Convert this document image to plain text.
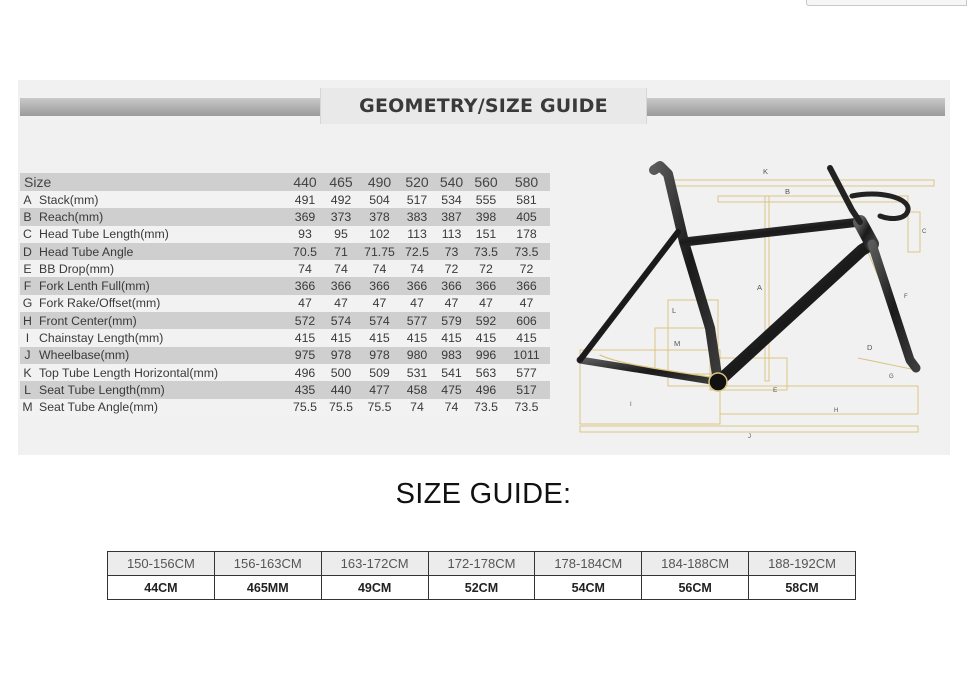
GEOMETRY/SIZE GUIDE
Size		440	465	490	520	540	560	580
A	Stack(mm)	491	492	504	517	534	555	581
B	Reach(mm)	369	373	378	383	387	398	405
C	Head Tube Length(mm)	93	95	102	113	113	151	178
D	Head Tube Angle	70.5	71	71.75	72.5	73	73.5	73.5
E	BB Drop(mm)	74	74	74	74	72	72	72
F	Fork Lenth Full(mm)	366	366	366	366	366	366	366
G	Fork Rake/Offset(mm)	47	47	47	47	47	47	47
H	Front Center(mm)	572	574	574	577	579	592	606
I	Chainstay Length(mm)	415	415	415	415	415	415	415
J	Wheelbase(mm)	975	978	978	980	983	996	1011
K	Top Tube Length Horizontal(mm)	496	500	509	531	541	563	577
L	Seat Tube Length(mm)	435	440	477	458	475	496	517
M	Seat Tube Angle(mm)	75.5	75.5	75.5	74	74	73.5	73.5
K
B
C
A
F
L
M	D
E
G
I
H
J
SIZE GUIDE:
150-156CM	156-163CM	163-172CM	172-178CM	178-184CM	184-188CM	188-192CM
44CM	465MM	49CM	52CM	54CM	56CM	58CM
